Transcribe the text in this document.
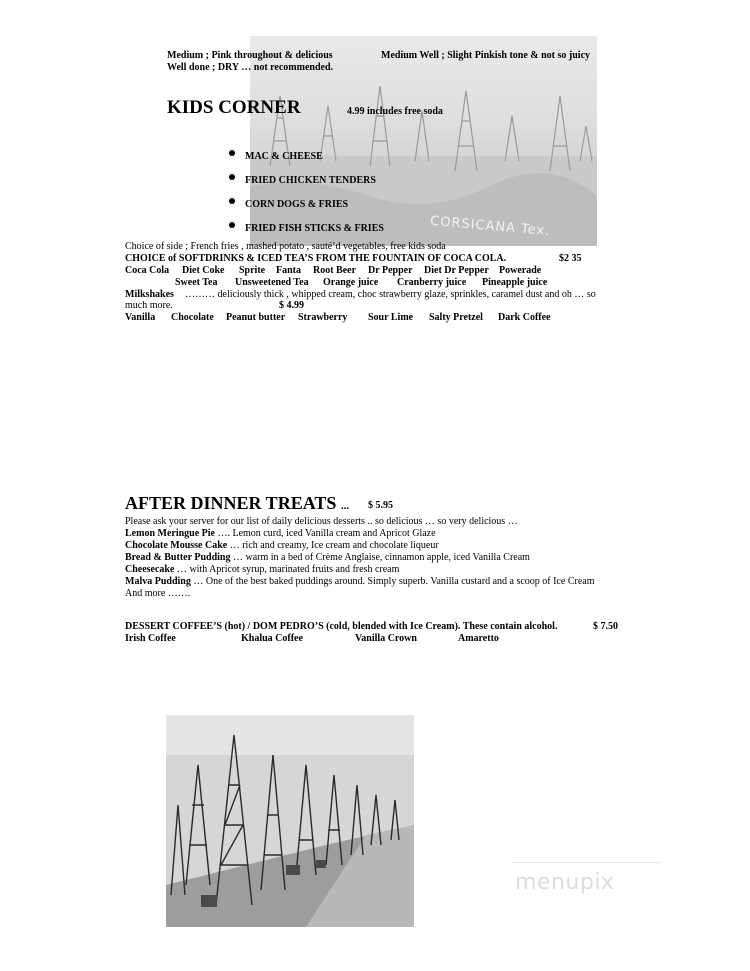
CORSICANA Tex.
Medium ; Pink throughout & delicious	Medium Well ; Slight Pinkish tone & not so juicy
Well done ; DRY … not recommended.
KIDS CORNER	4.99 includes free soda
MAC & CHEESE
FRIED CHICKEN TENDERS
CORN DOGS & FRIES
FRIED FISH STICKS & FRIES
Choice of side ; French fries , mashed potato , sauté’d vegetables, free kids soda
CHOICE of SOFTDRINKS & ICED TEA’S FROM THE FOUNTAIN OF COCA COLA.	$2 35
Coca Cola Diet Coke Sprite Fanta Root Beer Dr Pepper Diet Dr Pepper Powerade
Sweet Tea Unsweetened Tea Orange juice Cranberry juice Pineapple juice
Milkshakes ……… deliciously thick , whipped cream, choc strawberry glaze, sprinkles, caramel dust and oh … so
much more.	$ 4.99
Vanilla Chocolate Peanut butter Strawberry Sour Lime Salty Pretzel Dark Coffee
AFTER DINNER TREATS ... $ 5.95
Please ask your server for our list of daily delicious desserts .. so delicious … so very delicious …
Lemon Meringue Pie …. Lemon curd, iced Vanilla cream and Apricot Glaze
Chocolate Mousse Cake … rich and creamy, Ice cream and chocolate liqueur
Bread & Butter Pudding … warm in a bed of Crème Anglaise, cinnamon apple, iced Vanilla Cream
Cheesecake … with Apricot syrup, marinated fruits and fresh cream
Malva Pudding … One of the best baked puddings around. Simply superb. Vanilla custard and a scoop of Ice Cream
And more …….
DESSERT COFFEE’S (hot) / DOM PEDRO’S (cold, blended with Ice Cream). These contain alcohol.	$ 7.50
Irish Coffee	Khalua Coffee	Vanilla Crown	Amaretto
menupix
